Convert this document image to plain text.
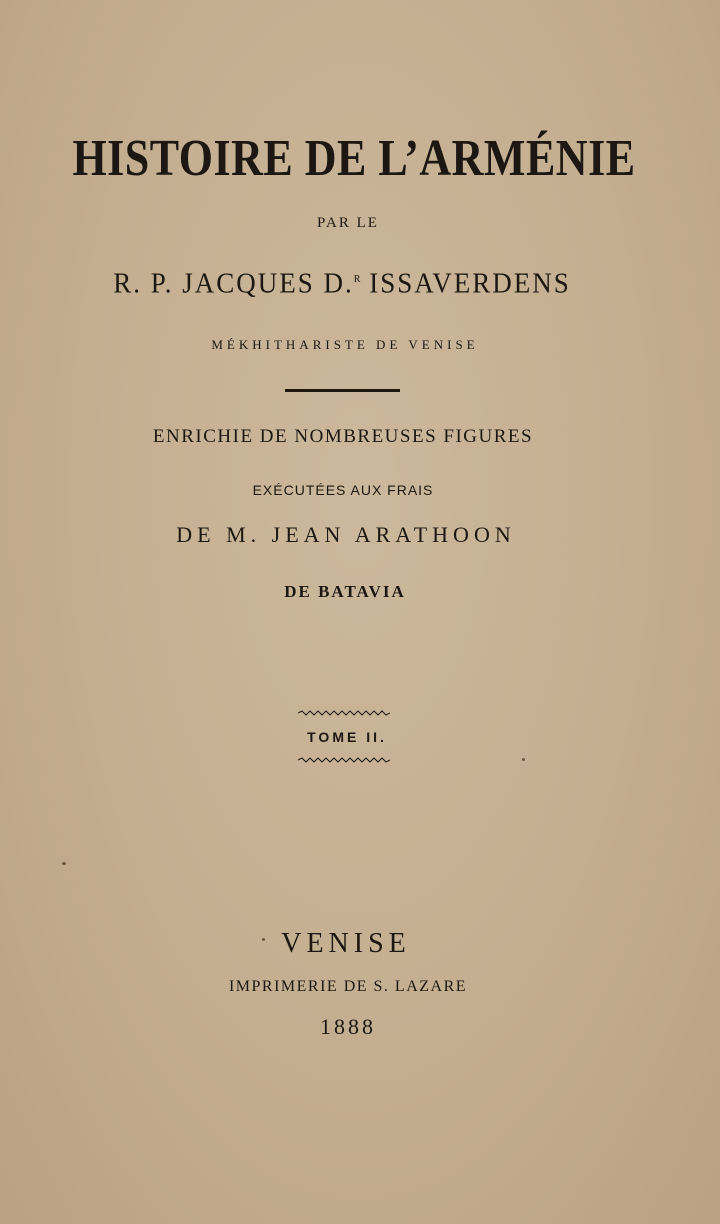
HISTOIRE DE L’ARMÉNIE

PAR LE

R. P. JACQUES D.$^R$ ISSAVERDENS

MÉKHITHARISTE DE VENISE

ENRICHIE DE NOMBREUSES FIGURES

EXÉCUTÉES AUX FRAIS

DE M. JEAN ARATHOON

DE BATAVIA

TOME II.

VENISE

IMPRIMERIE DE S. LAZARE

1888
